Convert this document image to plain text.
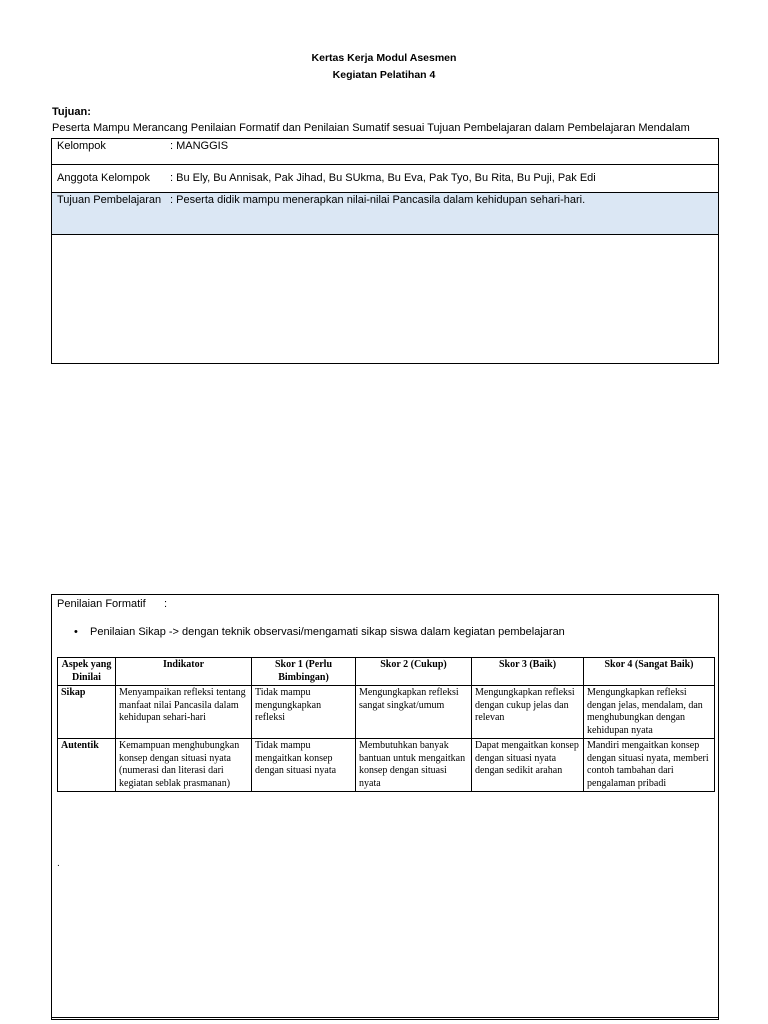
Kertas Kerja Modul Asesmen
Kegiatan Pelatihan 4
Tujuan:
Peserta Mampu Merancang Penilaian Formatif dan Penilaian Sumatif sesuai Tujuan Pembelajaran dalam Pembelajaran Mendalam
Kelompok	: MANGGIS
Anggota Kelompok : Bu Ely, Bu Annisak, Pak Jihad, Bu SUkma, Bu Eva, Pak Tyo, Bu Rita, Bu Puji, Pak Edi
Tujuan Pembelajaran : Peserta didik mampu menerapkan nilai-nilai Pancasila dalam kehidupan sehari-hari.
Penilaian Formatif      :
• Penilaian Sikap -> dengan teknik observasi/mengamati sikap siswa dalam kegiatan pembelajaran
Aspek yang Dinilai	Indikator	Skor 1 (Perlu Bimbingan)	Skor 2 (Cukup)	Skor 3 (Baik)	Skor 4 (Sangat Baik)
Sikap	Menyampaikan refleksi tentang manfaat nilai Pancasila dalam kehidupan sehari-hari	Tidak mampu mengungkapkan refleksi	Mengungkapkan refleksi sangat singkat/umum	Mengungkapkan refleksi dengan cukup jelas dan relevan	Mengungkapkan refleksi dengan jelas, mendalam, dan menghubungkan dengan kehidupan nyata
Autentik	Kemampuan menghubungkan konsep dengan situasi nyata (numerasi dan literasi dari kegiatan seblak prasmanan)	Tidak mampu mengaitkan konsep dengan situasi nyata	Membutuhkan banyak bantuan untuk mengaitkan konsep dengan situasi nyata	Dapat mengaitkan konsep dengan situasi nyata dengan sedikit arahan	Mandiri mengaitkan konsep dengan situasi nyata, memberi contoh tambahan dari pengalaman pribadi
.
